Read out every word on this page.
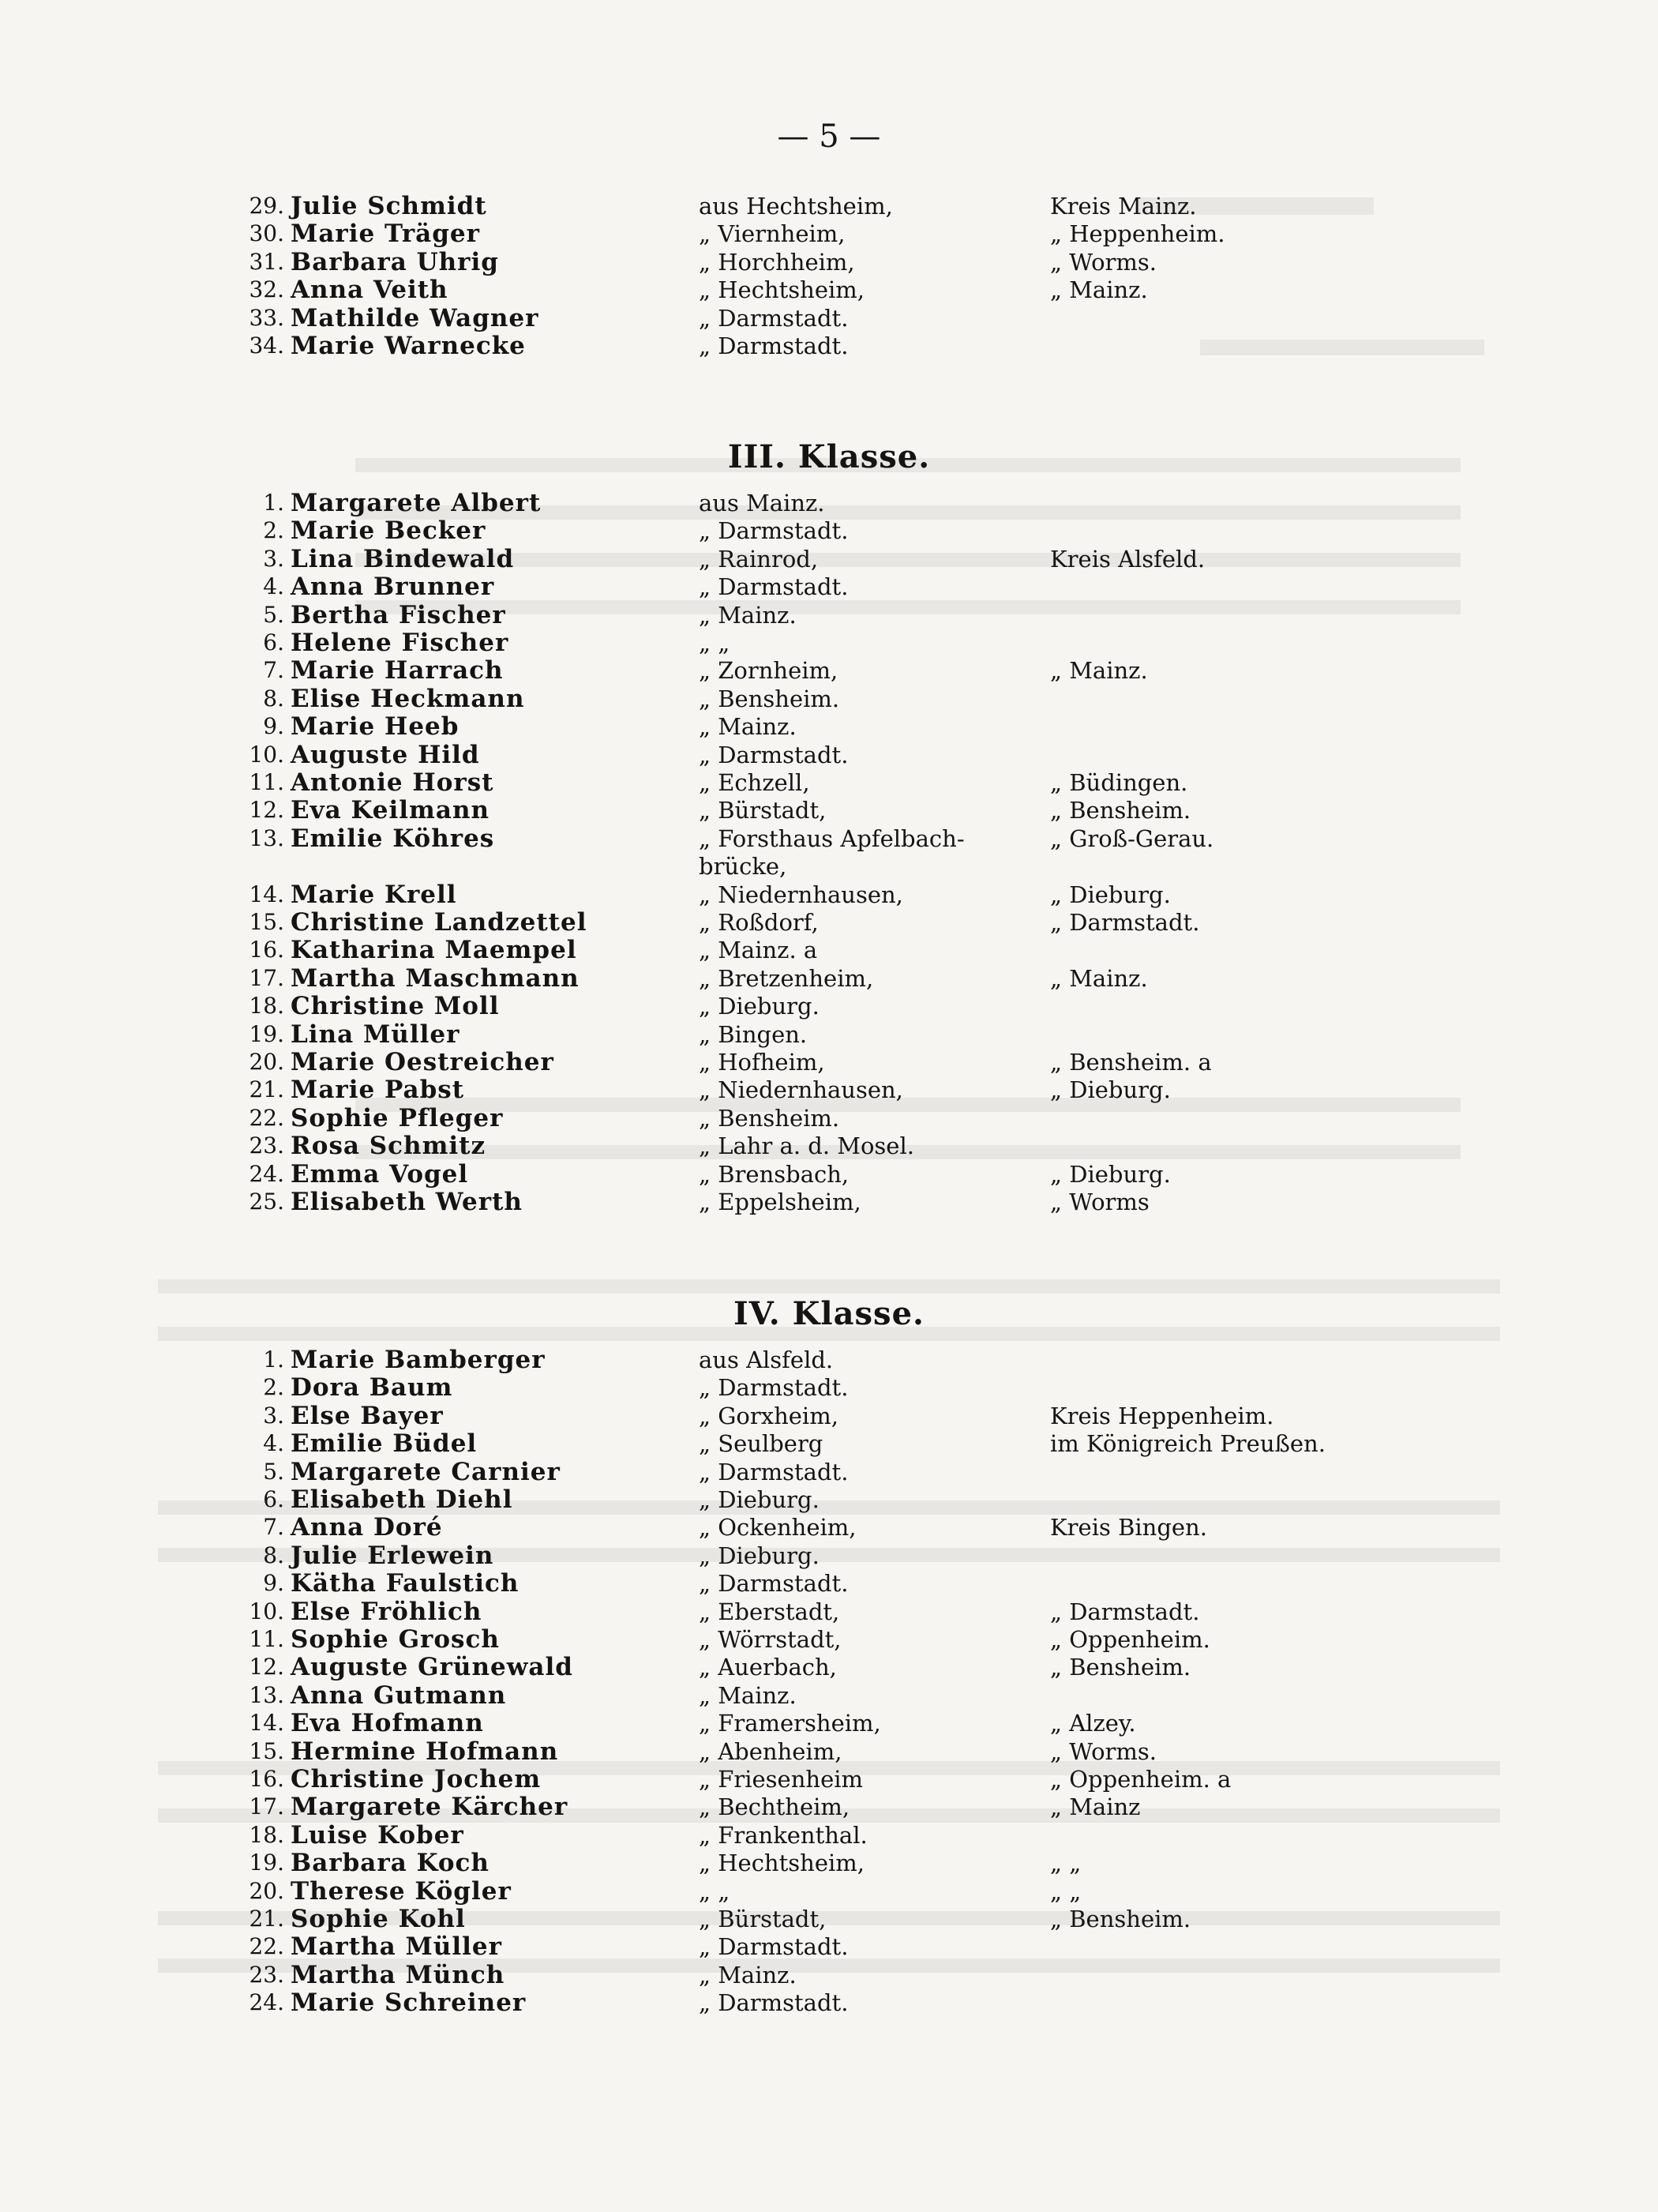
— 5 —
29. Julie Schmidt	aus Hechtsheim,	Kreis Mainz.
30. Marie Träger	„ Viernheim,	„ Heppenheim.
31. Barbara Uhrig	„ Horchheim,	„ Worms.
32. Anna Veith	„ Hechtsheim,	„ Mainz.
33. Mathilde Wagner	„ Darmstadt.
34. Marie Warnecke	„ Darmstadt.
III. Klasse.
1. Margarete Albert	aus Mainz.
2. Marie Becker	„ Darmstadt.
3. Lina Bindewald	„ Rainrod,	Kreis Alsfeld.
4. Anna Brunner	„ Darmstadt.
5. Bertha Fischer	„ Mainz.
6. Helene Fischer	„ „
7. Marie Harrach	„ Zornheim,	„ Mainz.
8. Elise Heckmann	„ Bensheim.
9. Marie Heeb	„ Mainz.
10. Auguste Hild	„ Darmstadt.
11. Antonie Horst	„ Echzell,	„ Büdingen.
12. Eva Keilmann	„ Bürstadt,	„ Bensheim.
13. Emilie Köhres	„ Forsthaus Apfelbach-	„ Groß-Gerau.
brücke,
14. Marie Krell	„ Niedernhausen,	„ Dieburg.
15. Christine Landzettel	„ Roßdorf,	„ Darmstadt.
16. Katharina Maempel	„ Mainz. a
17. Martha Maschmann	„ Bretzenheim,	„ Mainz.
18. Christine Moll	„ Dieburg.
19. Lina Müller	„ Bingen.
20. Marie Oestreicher	„ Hofheim,	„ Bensheim. a
21. Marie Pabst	„ Niedernhausen,	„ Dieburg.
22. Sophie Pfleger	„ Bensheim.
23. Rosa Schmitz	„ Lahr a. d. Mosel.
24. Emma Vogel	„ Brensbach,	„ Dieburg.
25. Elisabeth Werth	„ Eppelsheim,	„ Worms
IV. Klasse.
1. Marie Bamberger	aus Alsfeld.
2. Dora Baum	„ Darmstadt.
3. Else Bayer	„ Gorxheim,	Kreis Heppenheim.
4. Emilie Büdel	„ Seulberg	im Königreich Preußen.
5. Margarete Carnier	„ Darmstadt.
6. Elisabeth Diehl	„ Dieburg.
7. Anna Doré	„ Ockenheim,	Kreis Bingen.
8. Julie Erlewein	„ Dieburg.
9. Kätha Faulstich	„ Darmstadt.
10. Else Fröhlich	„ Eberstadt,	„ Darmstadt.
11. Sophie Grosch	„ Wörrstadt,	„ Oppenheim.
12. Auguste Grünewald	„ Auerbach,	„ Bensheim.
13. Anna Gutmann	„ Mainz.
14. Eva Hofmann	„ Framersheim,	„ Alzey.
15. Hermine Hofmann	„ Abenheim,	„ Worms.
16. Christine Jochem	„ Friesenheim	„ Oppenheim. a
17. Margarete Kärcher	„ Bechtheim,	„ Mainz
18. Luise Kober	„ Frankenthal.
19. Barbara Koch	„ Hechtsheim,	„ „
20. Therese Kögler	„ „	„ „
21. Sophie Kohl	„ Bürstadt,	„ Bensheim.
22. Martha Müller	„ Darmstadt.
23. Martha Münch	„ Mainz.
24. Marie Schreiner	„ Darmstadt.
